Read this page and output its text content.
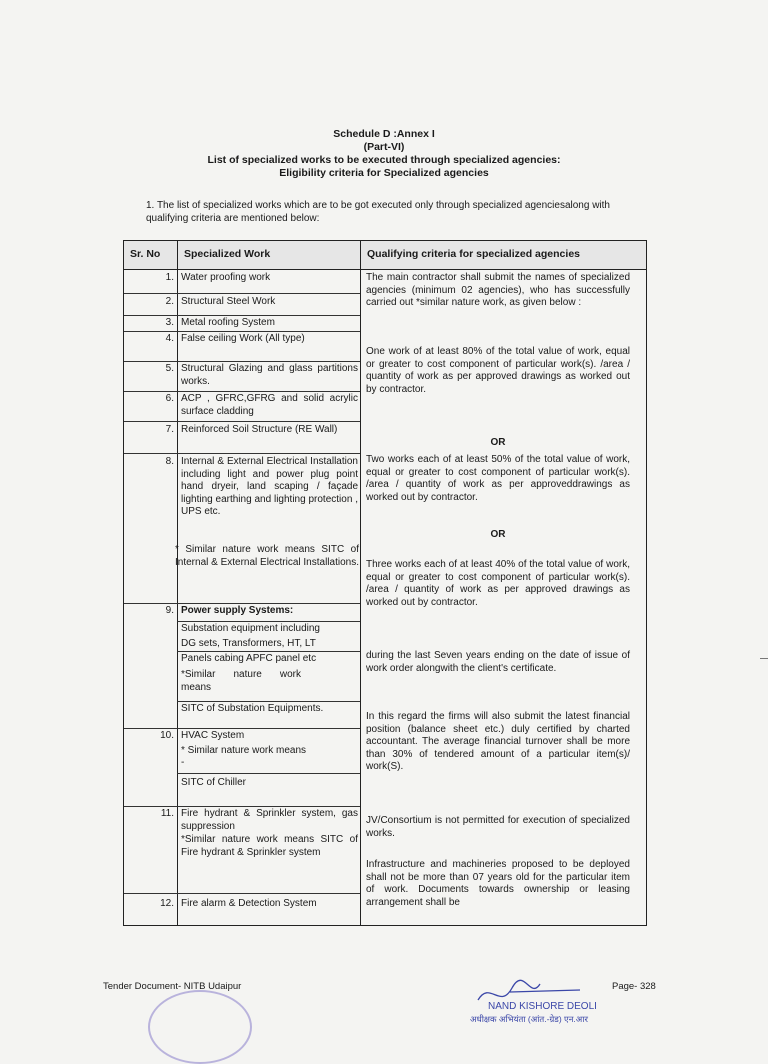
Schedule D :Annex I
(Part-VI)
List of specialized works to be executed through specialized agencies:
Eligibility criteria for Specialized agencies
1. The list of specialized works which are to be got executed only through specialized agenciesalong with qualifying criteria are mentioned below:
Sr. No Specialized Work	Qualifying criteria for specialized agencies
1.
2.
3.
4.
5.
6.
7.
8.
9.
10.
11.
12.
Water proofing work
Structural Steel Work
Metal roofing System
False ceiling Work (All type)
Structural Glazing and glass partitions works.
ACP , GFRC,GFRG and solid acrylic surface cladding
Reinforced Soil Structure (RE Wall)
Internal & External Electrical Installation including light and power plug point hand dryeir, land scaping / façade lighting earthing and lighting protection , UPS etc.
* Similar nature work means SITC of Internal & External Electrical Installations.
Power supply Systems:
Substation equipment including
DG sets, Transformers, HT, LT
Panels cabing APFC panel etc
*Similar nature work means
SITC of Substation Equipments.
HVAC System
* Similar nature work means
-
SITC of Chiller
Fire hydrant & Sprinkler system, gas suppression
*Similar nature work means SITC of Fire hydrant & Sprinkler system
Fire alarm & Detection System
The main contractor shall submit the names of specialized agencies (minimum 02 agencies), who has successfully carried out *similar nature work, as given below :
One work of at least 80% of the total value of work, equal or greater to cost component of particular work(s). /area / quantity of work as per approved drawings as worked out by contractor.
OR
Two works each of at least 50% of the total value of work, equal or greater to cost component of particular work(s). /area / quantity of work as per approveddrawings as worked out by contractor.
OR
Three works each of at least 40% of the total value of work, equal or greater to cost component of particular work(s). /area / quantity of work as per approved drawings as worked out by contractor.
during the last Seven years ending on the date of issue of work order alongwith the client's certificate.
In this regard the firms will also submit the latest financial position (balance sheet etc.) duly certified by charted accountant. The average financial turnover shall be more than 30% of tendered amount of a particular item(s)/ work(S).
JV/Consortium is not permitted for execution of specialized works.
Infrastructure and machineries proposed to be deployed shall not be more than 07 years old for the particular item of work. Documents towards ownership or leasing arrangement shall be
Tender Document- NITB Udaipur	Page- 328
NAND KISHORE DEOLI
अधीक्षक अभियंता (आंत.-ग्रेड) एन.आर
